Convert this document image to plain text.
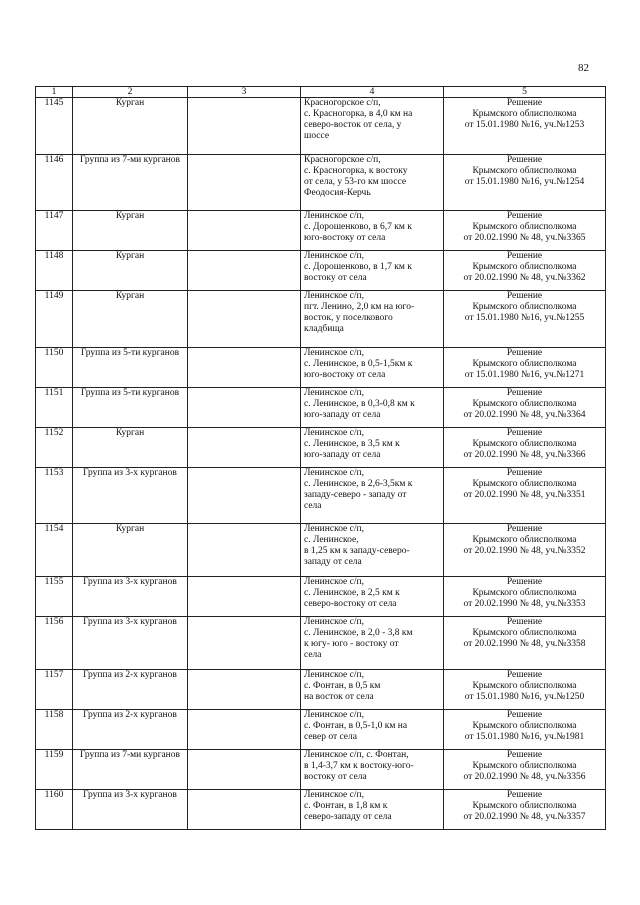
82
1	2	3	4	5
1145	Курган		Красногорское с/п,
с. Красногорка, в 4,0 км на
северо-восток от села, у
шоссе	Решение
Крымского облисполкома
от 15.01.1980 №16, уч.№1253
1146	Группа из 7-ми курганов		Красногорское с/п,
с. Красногорка, к востоку
от села, у 53-го км шоссе
Феодосия-Керчь	Решение
Крымского облисполкома
от 15.01.1980 №16, уч.№1254
1147	Курган		Ленинское с/п,
с. Дорошенково, в 6,7 км к
юго-востоку от села	Решение
Крымского облисполкома
от 20.02.1990 № 48, уч.№3365
1148	Курган		Ленинское с/п,
с. Дорошенково, в 1,7 км к
востоку от села	Решение
Крымского облисполкома
от 20.02.1990 № 48, уч.№3362
1149	Курган		Ленинское с/п,
пгт. Ленино, 2,0 км на юго-
восток, у поселкового
кладбища	Решение
Крымского облисполкома
от 15.01.1980 №16, уч.№1255
1150	Группа из 5-ти курганов		Ленинское с/п,
с. Ленинское, в 0,5-1,5км к
юго-востоку от села	Решение
Крымского облисполкома
от 15.01.1980 №16, уч.№1271
1151	Группа из 5-ти курганов		Ленинское с/п,
с. Ленинское, в 0,3-0,8 км к
юго-западу от села	Решение
Крымского облисполкома
от 20.02.1990 № 48, уч.№3364
1152	Курган		Ленинское с/п,
с. Ленинское, в 3,5 км к
юго-западу от села	Решение
Крымского облисполкома
от 20.02.1990 № 48, уч.№3366
1153	Группа из 3-х курганов		Ленинское с/п,
с. Ленинское, в 2,6-3,5км к
западу-северо - западу от
села	Решение
Крымского облисполкома
от 20.02.1990 № 48, уч.№3351
1154	Курган		Ленинское с/п,
с. Ленинское,
в 1,25 км к западу-северо-
западу от села	Решение
Крымского облисполкома
от 20.02.1990 № 48, уч.№3352
1155	Группа из 3-х курганов		Ленинское с/п,
с. Ленинское, в 2,5 км к
северо-востоку от села	Решение
Крымского облисполкома
от 20.02.1990 № 48, уч.№3353
1156	Группа из 3-х курганов		Ленинское с/п,
с. Ленинское, в 2,0 - 3,8 км
к югу- юго - востоку от
села	Решение
Крымского облисполкома
от 20.02.1990 № 48, уч.№3358
1157	Группа из 2-х курганов		Ленинское с/п,
с. Фонтан, в 0,5 км
на восток от села	Решение
Крымского облисполкома
от 15.01.1980 №16, уч.№1250
1158	Группа из 2-х курганов		Ленинское с/п,
с. Фонтан, в 0,5-1,0 км на
север от села	Решение
Крымского облисполкома
от 15.01.1980 №16, уч.№1981
1159	Группа из 7-ми курганов		Ленинское с/п, с. Фонтан,
в 1,4-3,7 км к востоку-юго-
востоку от села	Решение
Крымского облисполкома
от 20.02.1990 № 48, уч.№3356
1160	Группа из 3-х курганов		Ленинское с/п,
с. Фонтан, в 1,8 км к
северо-западу от села	Решение
Крымского облисполкома
от 20.02.1990 № 48, уч.№3357
